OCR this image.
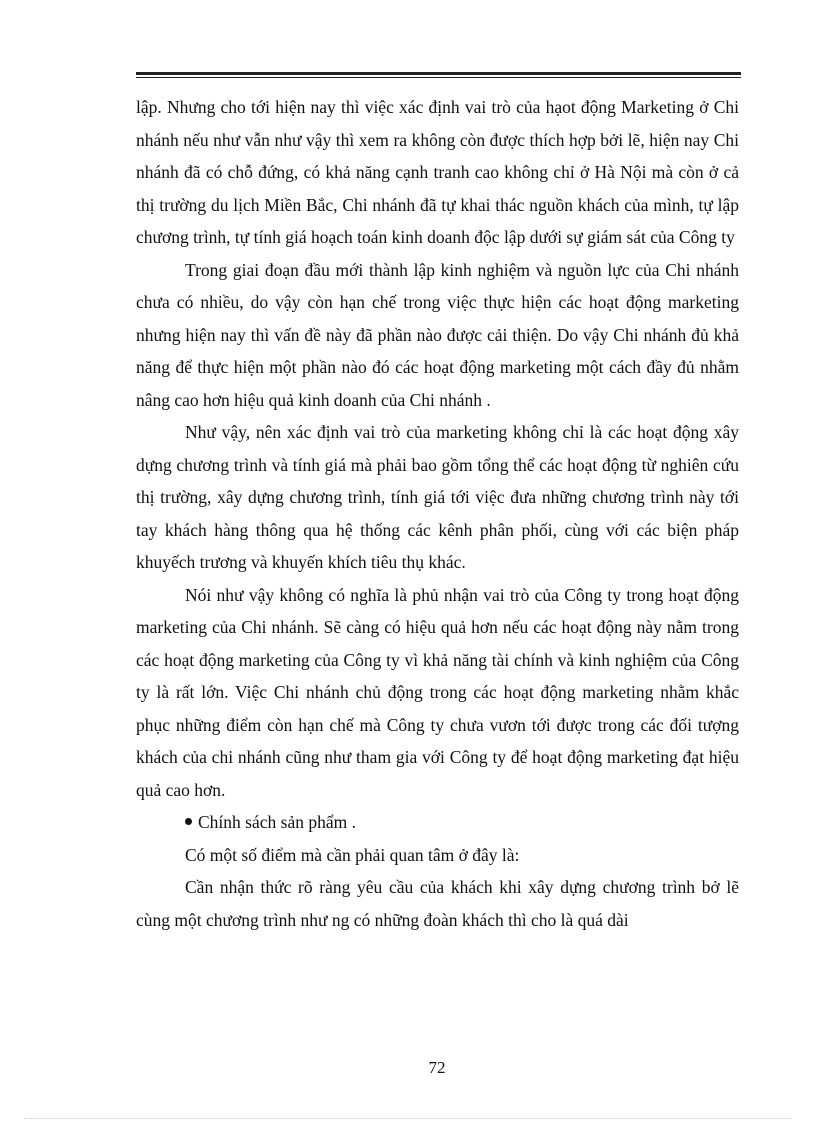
lập. Nhưng cho tới hiện nay thì việc xác định vai trò của hạot động Marketing ở Chi nhánh nếu như vẫn như vậy thì xem ra không còn được thích hợp bởi lẽ, hiện nay Chi nhánh đã có chỗ đứng, có khả năng cạnh tranh cao không chỉ ở Hà Nội mà còn ở cả thị trường du lịch Miền Bắc, Chi nhánh đã tự khai thác nguồn khách của mình, tự lập chương trình, tự tính giá hoạch toán kinh doanh độc lập dưới sự giám sát của Công ty

Trong giai đoạn đầu mới thành lập kinh nghiệm và nguồn lực của Chi nhánh chưa có nhiều, do vậy còn hạn chế trong việc thực hiện các hoạt động marketing nhưng hiện nay thì vấn đề này đã phần nào được cải thiện. Do vậy Chi nhánh đủ khả năng để thực hiện một phần nào đó các hoạt động marketing một cách đầy đủ nhằm nâng cao hơn hiệu quả kinh doanh của Chi nhánh .

Như vậy, nên xác định vai trò của marketing không chỉ là các hoạt động xây dựng chương trình và tính giá mà phải bao gồm tổng thể các hoạt động từ nghiên cứu thị trường, xây dựng chương trình, tính giá tới việc đưa những chương trình này tới tay khách hàng thông qua hệ thống các kênh phân phối, cùng với các biện pháp khuyếch trương và khuyến khích tiêu thụ khác.

Nói như vậy không có nghĩa là phủ nhận vai trò của Công ty trong hoạt động marketing của Chi nhánh. Sẽ càng có hiệu quả hơn nếu các hoạt động này nằm trong các hoạt động marketing của Công ty vì khả năng tài chính và kinh nghiệm của Công ty là rất lớn. Việc Chi nhánh chủ động trong các hoạt động marketing nhằm khắc phục những điểm còn hạn chế mà Công ty chưa vươn tới được trong các đối tượng khách của chi nhánh cũng như tham gia với Công ty để hoạt động marketing đạt hiệu quả cao hơn.

Chính sách sản phẩm .

Có một số điểm mà cần phải quan tâm ở đây là:

Cần nhận thức rõ ràng yêu cầu của khách khi xây dựng chương trình bở lẽ cùng một chương trình như ng có những đoàn khách thì cho là quá dài

72
